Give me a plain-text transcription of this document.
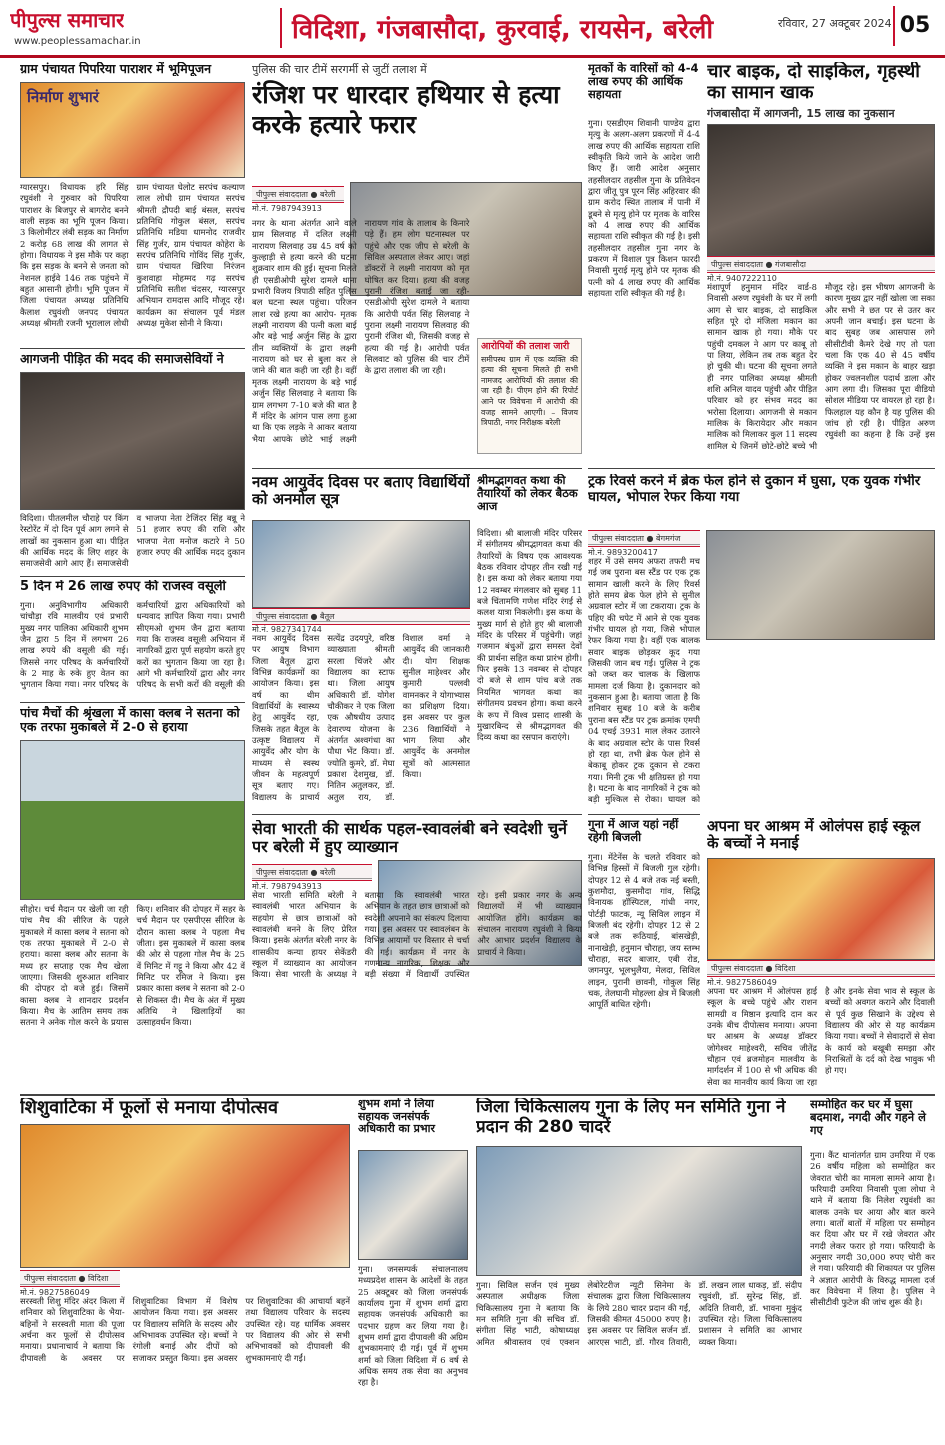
पीपुल्स समाचार
www.peoplessamachar.in	विदिशा, गंजबासौदा, कुरवाई, रायसेन, बरेली	रविवार, 27 अक्टूबर 2024 05
ग्राम पंचायत पिपरिया पाराशर में भूमिपूजन
निर्माण शुभारं
ग्यारसपुर। विधायक हरि सिंह रघुवंशी ने गुरुवार को पिपरिया पाराशर के बिजपुर से बागरोद बनने वाली सड़क का भूमि पूजन किया। 3 किलोमीटर लंबी सड़क का निर्माण 2 करोड़ 68 लाख की लागत से होगा। विधायक ने इस मौके पर कहा कि इस सड़क के बनने से जनता को नेशनल हाईवे 146 तक पहुंचने में बहुत आसानी होगी। भूमि पूजन में जिला पंचायत अध्यक्ष प्रतिनिधि कैलाश रघुवंशी जनपद पंचायत अध्यक्ष श्रीमती रजनी भूरालाल लोधी ग्राम पंचायत घेलोट सरपंच कल्याण लाल लोधी ग्राम पंचायत सरपंच श्रीमती द्रौपदी बाई बंसल, सरपंच प्रतिनिधि गोकुल बंसल, सरपंच प्रतिनिधि मडिया धामनोद राजवीर सिंह गुर्जर, ग्राम पंचायत कोहेरा के सरपंच प्रतिनिधि गोविंद सिंह गुर्जर, ग्राम पंचायत खिरिया निरंजन कुशवाहा मोहम्मद गढ़ सरपंच प्रतिनिधि सतीश चंदसर, ग्यारसपुर अभियान रामदास आदि मौजूद रहे। कार्यक्रम का संचालन पूर्व मंडल अध्यक्ष मुकेश सोनी ने किया।
आगजनी पीड़ित की मदद की समाजसेवियों ने
विदिशा। पीतलमील चौराहे पर किंग रेस्टोरेंट में दो दिन पूर्व आग लगने से लाखों का नुकसान हुआ था। पीड़ित की आर्थिक मदद के लिए शहर के समाजसेवी आगे आए हैं। समाजसेवी व भाजपा नेता टेजिंदर सिंह बन्नू ने 51 हजार रुपए की राशि और भाजपा नेता मनोज कटारे ने 50 हजार रुपए की आर्थिक मदद दुकान
5 दिन में 26 लाख रुपए की राजस्व वसूली
गुना। अनुविभागीय अधिकारी चांचौड़ा रवि मालवीय एवं प्रभारी मुख्य नगर पालिका अधिकारी शुभम जैन द्वारा 5 दिन में लगभग 26 लाख रुपये की वसूली की गई। जिससे नगर परिषद के कर्मचारियों के 2 माह के रुके हुए वेतन का भुगतान किया गया। नगर परिषद के कर्मचारियों द्वारा अधिकारियों को धन्यवाद ज्ञापित किया गया। प्रभारी सीएमओ शुभम जैन द्वारा बताया गया कि राजस्व वसूली अभियान में नागरिकों द्वारा पूर्ण सहयोग करते हुए करों का भुगतान किया जा रहा है। आगे भी कर्मचारियों द्वारा और नगर परिषद के सभी करों की वसूली की
पुलिस की चार टीमें सरगर्मी से जुटीं तलाश में
रंजिश पर धारदार हथियार से हत्या करके हत्यारे फरार
पीपुल्स संवाददाता ● बरेली
मो.नं. 7987943913
नगर के थाना अंतर्गत आने वाले ग्राम सिलवाह में दलित लक्ष्मी नारायण सिलवाह उम्र 45 वर्ष को कुल्हाड़ी से हत्या करने की घटना शुक्रवार शाम की हुई। सूचना मिलते ही एसडीओपी सुरेश दामले थाना प्रभारी विजय त्रिपाठी सहित पुलिस बल घटना स्थल पहुंचा। परिजन लाश रखे हत्या का आरोप- मृतक लक्ष्मी नारायण की पत्नी कला बाई और बड़े भाई अर्जुन सिंह के द्वारा तीन व्यक्तियों के द्वारा लक्ष्मी नारायण को घर से बुला कर ले जाने की बात कही जा रही है। वहीं मृतक लक्ष्मी नारायण के बड़े भाई अर्जुन सिंह सिलवाह ने बताया कि ग्राम लगभग 7-10 बजे की बात है मैं मंदिर के आंगन पास लगा हुआ था कि एक लड़के ने आकर बताया भैया आपके छोटे भाई लक्ष्मी नारायण गांव के तालाब के किनारे पड़े हैं। हम लोग घटनास्थल पर पहुंचे और एक जीप से बरेली के सिविल अस्पताल लेकर आए। जहां डॉक्टरों ने लक्ष्मी नारायण को मृत घोषित कर दिया। हत्या की वजह पुरानी रंजिश बताई जा रही- एसडीओपी सुरेश दामले ने बताया कि आरोपी पर्वत सिंह सिलवाह ने पुराना लक्ष्मी नारायण सिलवाह की पुरानी रंजिश थी, जिसकी वजह से हत्या की गई है। आरोपी पर्वत सिलवाट को पुलिस की चार टीमें के द्वारा तलाश की जा रही।
आरोपियों की तलाश जारी
समीपस्थ ग्राम में एक व्यक्ति की हत्या की सूचना मिलते ही सभी नामजद आरोपियों की तलाश की जा रही है। पीएम होने की रिपोर्ट आने पर विवेचना में आरोपी की वजह सामने आएगी। – विजय त्रिपाठी, नगर निरीक्षक बरेली
मृतकों के वारिसों को 4-4 लाख रुपए की आर्थिक सहायता
गुना। एसडीएम शिवानी पाण्डेय द्वारा मृत्यु के अलग-अलग प्रकरणों में 4-4 लाख रुपए की आर्थिक सहायता राशि स्वीकृति किये जाने के आदेश जारी किए हैं। जारी आदेश अनुसार तहसीलदार तहसील गुना के प्रतिवेदन द्वारा जीतू पुत्र पूरन सिंह अहिरवार की ग्राम करोद स्थित तालाब में पानी में डूबने से मृत्यु होने पर मृतक के वारिस को 4 लाख रुपए की आर्थिक सहायता राशि स्वीकृत की गई है। इसी तहसीलदार तहसील गुना नगर के प्रकरण में विशाल पुत्र किशन फारदी निवासी मुराई मृत्यु होने पर मृतक की पत्नी को 4 लाख रुपए की आर्थिक सहायता राशि स्वीकृत की गई है।
चार बाइक, दो साइकिल, गृहस्थी का सामान खाक
गंजबासौदा में आगजनी, 15 लाख का नुकसान
पीपुल्स संवाददाता ● गंजबासौदा
मो.नं. 9407222110
मंशापूर्ण हनुमान मंदिर वार्ड-8 निवासी अरुण रघुवंशी के घर में लगी आग से चार बाइक, दो साइकिल सहित पूरे दो मंजिला मकान का सामान खाक हो गया। मौके पर पहुंची दमकल ने आग पर काबू तो पा लिया, लेकिन तब तक बहुत देर हो चुकी थी। घटना की सूचना लगते ही नगर पालिका अध्यक्ष श्रीमती शशि अनिल यादव पहुंची और पीड़ित परिवार को हर संभव मदद का भरोसा दिलाया। आगजनी से मकान मालिक के किरायेदार और मकान मालिक को मिलाकर कुल 11 सदस्य शामिल थे जिनमें छोटे-छोटे बच्चे भी मौजूद रहे। इस भीषण आगजनी के कारण मुख्य द्वार नहीं खोला जा सका और सभी ने छत पर से उतर कर अपनी जान बचाई। इस घटना के बाद सुबह जब आसपास लगे सीसीटीवी कैमरे देखे गए तो पता चला कि एक 40 से 45 वर्षीय व्यक्ति ने इस मकान के बाहर खड़ा होकर ज्वलनशील पदार्थ डाला और आग लगा दी। जिसका पूरा वीडियो सोशल मीडिया पर वायरल हो रहा है। फिलहाल यह कौन है यह पुलिस की जांच हो रही है। पीड़ित अरुण रघुवंशी का कहना है कि उन्हें इस
नवम आयुर्वेद दिवस पर बताए विद्यार्थियों को अनमोल सूत्र
पीपुल्स संवाददाता ● बैतूल
मो.नं. 9827341744
नवम आयुर्वेद दिवस पर आयुष विभाग जिला बैतूल द्वारा विभिन्न कार्यक्रमों का आयोजन किया। इस वर्ष का थीम विद्यार्थियों के स्वास्थ्य हेतु आयुर्वेद रहा, जिसके तहत बैतूल के उत्कृष्ट विद्यालय में आयुर्वेद और योग के माध्यम से स्वस्थ जीवन के महत्वपूर्ण सूत्र बताए गए। विद्यालय के प्राचार्य सत्येंद्र उदयपुरे, वरिष्ठ व्याख्याता श्रीमती सरला चिंजरे और विद्यालय का स्टाफ था। जिला आयुष अधिकारी डॉ. योगेश चौकीकर ने एक जिला एक औषधीय उत्पाद देवारण्य योजना के अंतर्गत अश्वगंधा का पौधा भेंट किया। डॉ. ज्योति कुमरे, डॉ. मेघा प्रकाश देशमुख, डॉ. नितिन अतुलकर, डॉ. अतुल राय, डॉ. विशाल वर्मा ने आयुर्वेद की जानकारी दी। योग शिक्षक सुनील माहेश्वर और कुमारी पल्लवी वामनकर ने योगाभ्यास का प्रशिक्षण दिया। इस अवसर पर कुल 236 विद्यार्थियों ने भाग लिया और आयुर्वेद के अनमोल सूत्रों को आत्मसात किया।
श्रीमद्भागवत कथा की तैयारियों को लेकर बैठक आज
विदिशा। श्री बालाजी मंदिर परिसर में संगीतमय श्रीमद्भागवत कथा की तैयारियों के विषय एक आवश्यक बैठक रविवार दोपहर तीन रखी गई है। इस कथा को लेकर बताया गया 12 नवम्बर मंगलवार को सुबह 11 बजे चिंतामणि गणेश मंदिर रंगई से कलश यात्रा निकलेगी। इस कथा के मुख्य मार्ग से होते हुए श्री बालाजी मंदिर के परिसर में पहुंचेगी। जहां गजमान बंधुओं द्वारा समस्त देवों की प्रार्थना सहित कथा प्रारंभ होगी। फिर इसके 13 नवम्बर से दोपहर दो बजे से शाम पांच बजे तक नियमित भागवत कथा का संगीतमय प्रवचन होगा। कथा करने के रूप में विश्व प्रसाद शास्त्री के मुखारबिन्द से श्रीमद्भागवत की दिव्य कथा का रसपान कराएंगे।
ट्रक रिवर्स करने में ब्रेक फेल होने से दुकान में घुसा, एक युवक गंभीर घायल, भोपाल रेफर किया गया
पीपुल्स संवाददाता ● बेगमगंज
मो.नं. 9893200417
शहर में उसे समय अफरा तफरी मच गई जब पुराना बस स्टैंड पर एक ट्रक सामान खाली करने के लिए रिवर्स होते समय ब्रेक फेल होने से सुनील अग्रवाल स्टोर में जा टकराया। ट्रक के पहिए की चपेट में आने से एक युवक गंभीर घायल हो गया, जिसे भोपाल रेफर किया गया है। वहीं एक बालक सवार बाइक छोड़कर कूद गया जिसकी जान बच गई। पुलिस ने ट्रक को जब्त कर चालक के खिलाफ मामला दर्ज किया है। दुकानदार को नुकसान हुआ है। बताया जाता है कि शनिवार सुबह 10 बजे के करीब पुराना बस स्टैंड पर ट्रक क्रमांक एमपी 04 एचई 3931 माल लेकर उतारने के बाद अग्रवाल स्टोर के पास रिवर्स हो रहा था, तभी ब्रेक फेल होने से बेकाबू होकर ट्रक दुकान से टकरा गया। मिनी ट्रक भी क्षतिग्रस्त हो गया है। घटना के बाद नागरिकों ने ट्रक को बड़ी मुश्किल से रोका। घायल को
पांच मैचों की श्रृंखला में कासा क्लब ने सतना को एक तरफा मुकाबले में 2-0 से हराया
सीहोर। चर्च मैदान पर खेली जा रही पांच मैच की सीरिज के पहले मुकाबले में कासा क्लब ने सतना को एक तरफा मुकाबले में 2-0 से हराया। कासा क्लब और सतना के मध्य हर सप्ताह एक मैच खेला जाएगा। जिसकी शुरुआत शनिवार की दोपहर दो बजे हुई। जिसमें कासा क्लब ने शानदार प्रदर्शन किया। मैच के आतिम समय तक सतना ने अनेक गोल करने के प्रयास किए। शनिवार की दोपहर में सहर के चर्च मैदान पर एसपीएस सीरिज के दौरान कासा क्लब ने पहला मैच जीता। इस मुकाबले में कासा क्लब की ओर से पहला गोल मैच के 25 वें मिनिट में गट्टू ने किया और 42 वें मिनिट पर रमिज ने किया। इस प्रकार कासा क्लब ने सतना को 2-0 से शिकस्त दी। मैच के अंत में मुख्य अतिथि ने खिलाड़ियों का उत्साहवर्धन किया।
सेवा भारती की सार्थक पहल-स्वावलंबी बने स्वदेशी चुनें पर बरेली में हुए व्याख्यान
पीपुल्स संवाददाता ● बरेली
मो.नं. 7987943913
सेवा भारती समिति बरेली ने स्वावलंबी भारत अभियान के सहयोग से छात्र छात्राओं को स्वावलंबी बनने के लिए प्रेरित किया। इसके अंतर्गत बरेली नगर के शासकीय कन्या हायर सेकेंडरी स्कूल में व्याख्यान का आयोजन किया। सेवा भारती के अध्यक्ष ने बताया कि स्वावलंबी भारत अभियान के तहत छात्र छात्राओं को स्वदेशी अपनाने का संकल्प दिलाया गया। इस अवसर पर स्वावलंबन के विभिन्न आयामों पर विस्तार से चर्चा की गई। कार्यक्रम में नगर के गणमान्य नागरिक, शिक्षक और बड़ी संख्या में विद्यार्थी उपस्थित रहे। इसी प्रकार नगर के अन्य विद्यालयों में भी व्याख्यान आयोजित होंगे। कार्यक्रम का संचालन नारायण रघुवंशी ने किया और आभार प्रदर्शन विद्यालय के प्राचार्य ने किया।
गुना में आज यहां नहीं रहेगी बिजली
गुना। मेंटेनेंस के चलते रविवार को विभिन्न हिस्सों में बिजली गुल रहेगी। दोपहर 12 से 4 बजे तक नई बस्ती, कुशमौदा, कुसमौदा गांव, सिद्धि विनायक हॉस्पिटल, गांधी नगर, पोर्टड़ी फाटक, न्यू सिविल लाइन में बिजली बंद रहेगी। दोपहर 12 से 2 बजे तक रूठियाई, बांसखेड़ी, नानाखेड़ी, हनुमान चौराहा, जय स्तम्भ चौराहा, सदर बाजार, एबी रोड, जगनपुर, भूलभुलैया, मेलदा, सिविल लाइन, पुरानी छावनी, गोकुल सिंह चक, तेलघानी मोहल्ला क्षेत्र में बिजली आपूर्ति बाधित रहेगी।
अपना घर आश्रम में ओलंपस हाई स्कूल के बच्चों ने मनाई
पीपुल्स संवाददाता ● विदिशा
मो.नं. 9827586049
अपना घर आश्रम में ओलंपस हाई स्कूल के बच्चे पहुंचे और राशन सामग्री व मिष्ठान इत्यादि दान कर उनके बीच दीपोत्सव मनाया। अपना घर आश्रम के अध्यक्ष डॉक्टर जोगेश्वर माहेश्वरी, सचिव जीतेंद्र चौहान एवं ब्रजमोहन मालवीय के मार्गदर्शन में 100 से भी अधिक की सेवा का मानवीय कार्य किया जा रहा है और इनके सेवा भाव से स्कूल के बच्चों को अवगत कराने और दिवाली से पूर्व कुछ सिखाने के उद्देश्य से विद्यालय की ओर से यह कार्यक्रम किया गया। बच्चों ने सेवादारों से सेवा के कार्य को बखूबी समझा और निराश्रितों के दर्द को देख भावुक भी हो गए।
शिशुवाटिका में फूलों से मनाया दीपोत्सव
पीपुल्स संवाददाता ● विदिशा
मो.नं. 9827586049
सरस्वती शिशु मंदिर अंदर किला में शनिवार को शिशुवाटिका के भैया-बहिनों ने सरस्वती माता की पूजा अर्चना कर फूलों से दीपोत्सव मनाया। प्रधानाचार्य ने बताया कि दीपावली के अवसर पर शिशुवाटिका विभाग में विशेष आयोजन किया गया। इस अवसर पर विद्यालय समिति के सदस्य और अभिभावक उपस्थित रहे। बच्चों ने रंगोली बनाई और दीपों को सजाकर प्रस्तुत किया। इस अवसर पर शिशुवाटिका की आचार्या बहनें तथा विद्यालय परिवार के सदस्य उपस्थित रहे। यह धार्मिक अवसर पर विद्यालय की ओर से सभी अभिभावकों को दीपावली की शुभकामनाएं दी गईं।
शुभम शर्मा ने लिया सहायक जनसंपर्क अधिकारी का प्रभार
गुना। जनसम्पर्क संचालनालय मध्यप्रदेश शासन के आदेशों के तहत 25 अक्टूबर को जिला जनसंपर्क कार्यालय गुना में शुभम शर्मा द्वारा सहायक जनसंपर्क अधिकारी का पदभार ग्रहण कर लिया गया है। शुभम शर्मा द्वारा दीपावली की अग्रिम शुभकामनाएं दी गई। पूर्व में शुभम शर्मा को जिला विदिशा में 6 वर्ष से अधिक समय तक सेवा का अनुभव रहा है।
जिला चिकित्सालय गुना के लिए मन समिति गुना ने प्रदान की 280 चादरें
गुना। सिविल सर्जन एवं मुख्य अस्पताल अधीक्षक जिला चिकित्सालय गुना ने बताया कि मन समिति गुना की सचिव डॉ. संगीता सिंह भाटी, कोषाध्यक्ष अमित श्रीवास्तव एवं एक्शन लेबोरेटरीज न्यूटी सिनेमा के संचालक द्वारा जिला चिकित्सालय के लिये 280 चादर प्रदान की गईं, जिसकी कीमत 45000 रुपए है। इस अवसर पर सिविल सर्जन डॉ. आरएस भाटी, डॉ. गौरव तिवारी, डॉ. लखन लाल धाकड़, डॉ. संदीप रघुवंशी, डॉ. सुरेन्द्र सिंह, डॉ. अदिति तिवारी, डॉ. भावना मुकुंद उपस्थित रहे। जिला चिकित्सालय प्रशासन ने समिति का आभार व्यक्त किया।
सम्मोहित कर घर में घुसा बदमाश, नगदी और गहने ले गए
गुना। कैंट थानांतर्गत ग्राम उमरिया में एक 26 वर्षीय महिला को सम्मोहित कर जेवरात चोरी का मामला सामने आया है। फरियादी उमरिया निवासी पूजा लोधा ने थाने में बताया कि निलेश रघुवंशी का बालक उनके घर आया और बात करने लगा। बातों बातों में महिला पर सम्मोहन कर दिया और घर में रखे जेवरात और नगदी लेकर फरार हो गया। फरियादी के अनुसार नगदी 30,000 रुपए चोरी कर ले गया। फरियादी की शिकायत पर पुलिस ने अज्ञात आरोपी के विरुद्ध मामला दर्ज कर विवेचना में लिया है। पुलिस ने सीसीटीवी फुटेज की जांच शुरू की है।
